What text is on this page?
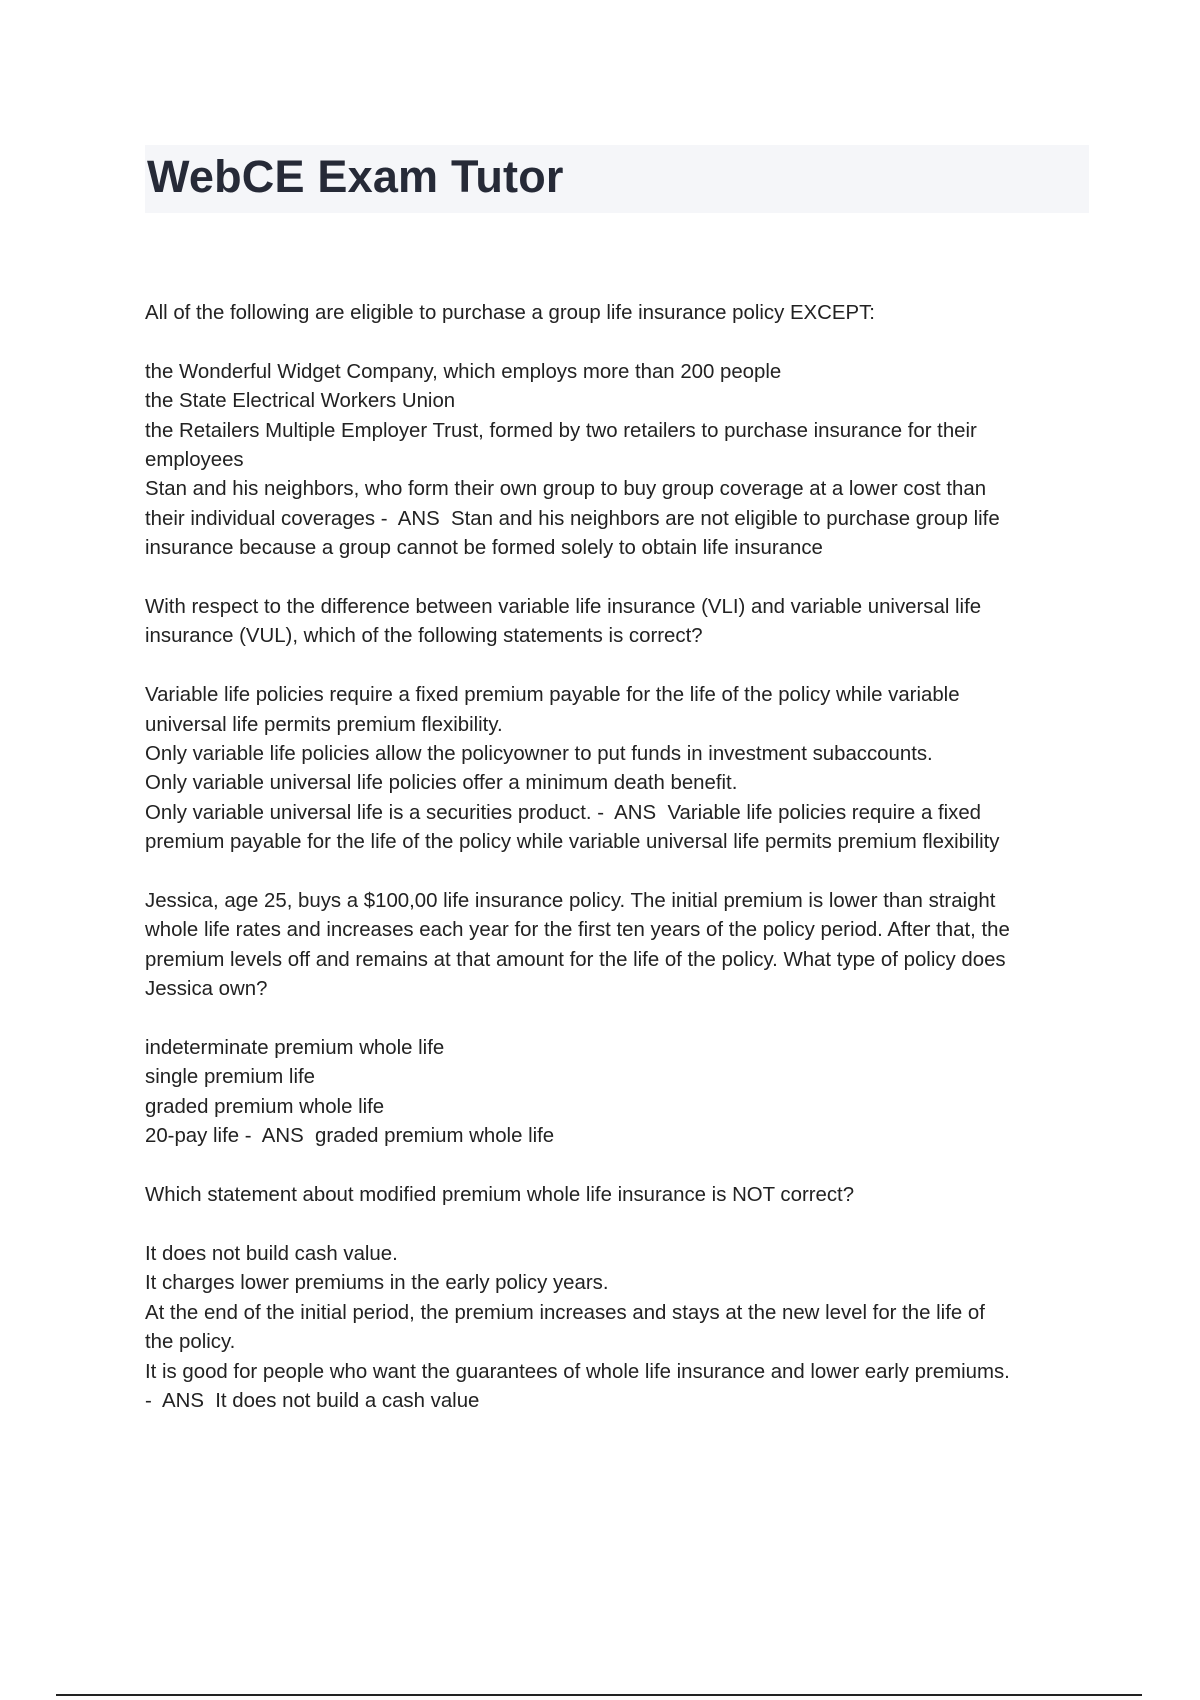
WebCE Exam Tutor
All of the following are eligible to purchase a group life insurance policy EXCEPT:
the Wonderful Widget Company, which employs more than 200 people
the State Electrical Workers Union
the Retailers Multiple Employer Trust, formed by two retailers to purchase insurance for their
employees
Stan and his neighbors, who form their own group to buy group coverage at a lower cost than
their individual coverages -  ANS  Stan and his neighbors are not eligible to purchase group life
insurance because a group cannot be formed solely to obtain life insurance
With respect to the difference between variable life insurance (VLI) and variable universal life
insurance (VUL), which of the following statements is correct?
Variable life policies require a fixed premium payable for the life of the policy while variable
universal life permits premium flexibility.
Only variable life policies allow the policyowner to put funds in investment subaccounts.
Only variable universal life policies offer a minimum death benefit.
Only variable universal life is a securities product. -  ANS  Variable life policies require a fixed
premium payable for the life of the policy while variable universal life permits premium flexibility
Jessica, age 25, buys a $100,00 life insurance policy. The initial premium is lower than straight
whole life rates and increases each year for the first ten years of the policy period. After that, the
premium levels off and remains at that amount for the life of the policy. What type of policy does
Jessica own?
indeterminate premium whole life
single premium life
graded premium whole life
20-pay life -  ANS  graded premium whole life
Which statement about modified premium whole life insurance is NOT correct?
It does not build cash value.
It charges lower premiums in the early policy years.
At the end of the initial period, the premium increases and stays at the new level for the life of
the policy.
It is good for people who want the guarantees of whole life insurance and lower early premiums.
-  ANS  It does not build a cash value
